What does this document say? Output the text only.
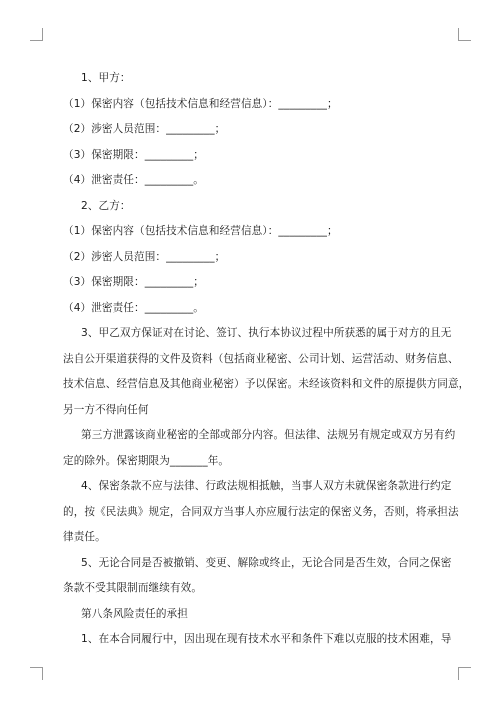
1、甲方：
（1）保密内容（包括技术信息和经营信息）：_________；
（2）涉密人员范围：_________；
（3）保密期限：_________；
（4）泄密责任：_________。
2、乙方：
（1）保密内容（包括技术信息和经营信息）：_________；
（2）涉密人员范围：_________；
（3）保密期限：_________；
（4）泄密责任：_________。
3、甲乙双方保证对在讨论、签订、执行本协议过程中所获悉的属于对方的且无
法自公开渠道获得的文件及资料（包括商业秘密、公司计划、运营活动、财务信息、
技术信息、经营信息及其他商业秘密）予以保密。未经该资料和文件的原提供方同意，
另一方不得向任何
第三方泄露该商业秘密的全部或部分内容。但法律、法规另有规定或双方另有约
定的除外。保密期限为_______年。
4、保密条款不应与法律、行政法规相抵触，当事人双方未就保密条款进行约定
的，按《民法典》规定，合同双方当事人亦应履行法定的保密义务，否则，将承担法
律责任。
5、无论合同是否被撤销、变更、解除或终止，无论合同是否生效，合同之保密
条款不受其限制而继续有效。
第八条风险责任的承担
1、在本合同履行中，因出现在现有技术水平和条件下难以克服的技术困难，导
